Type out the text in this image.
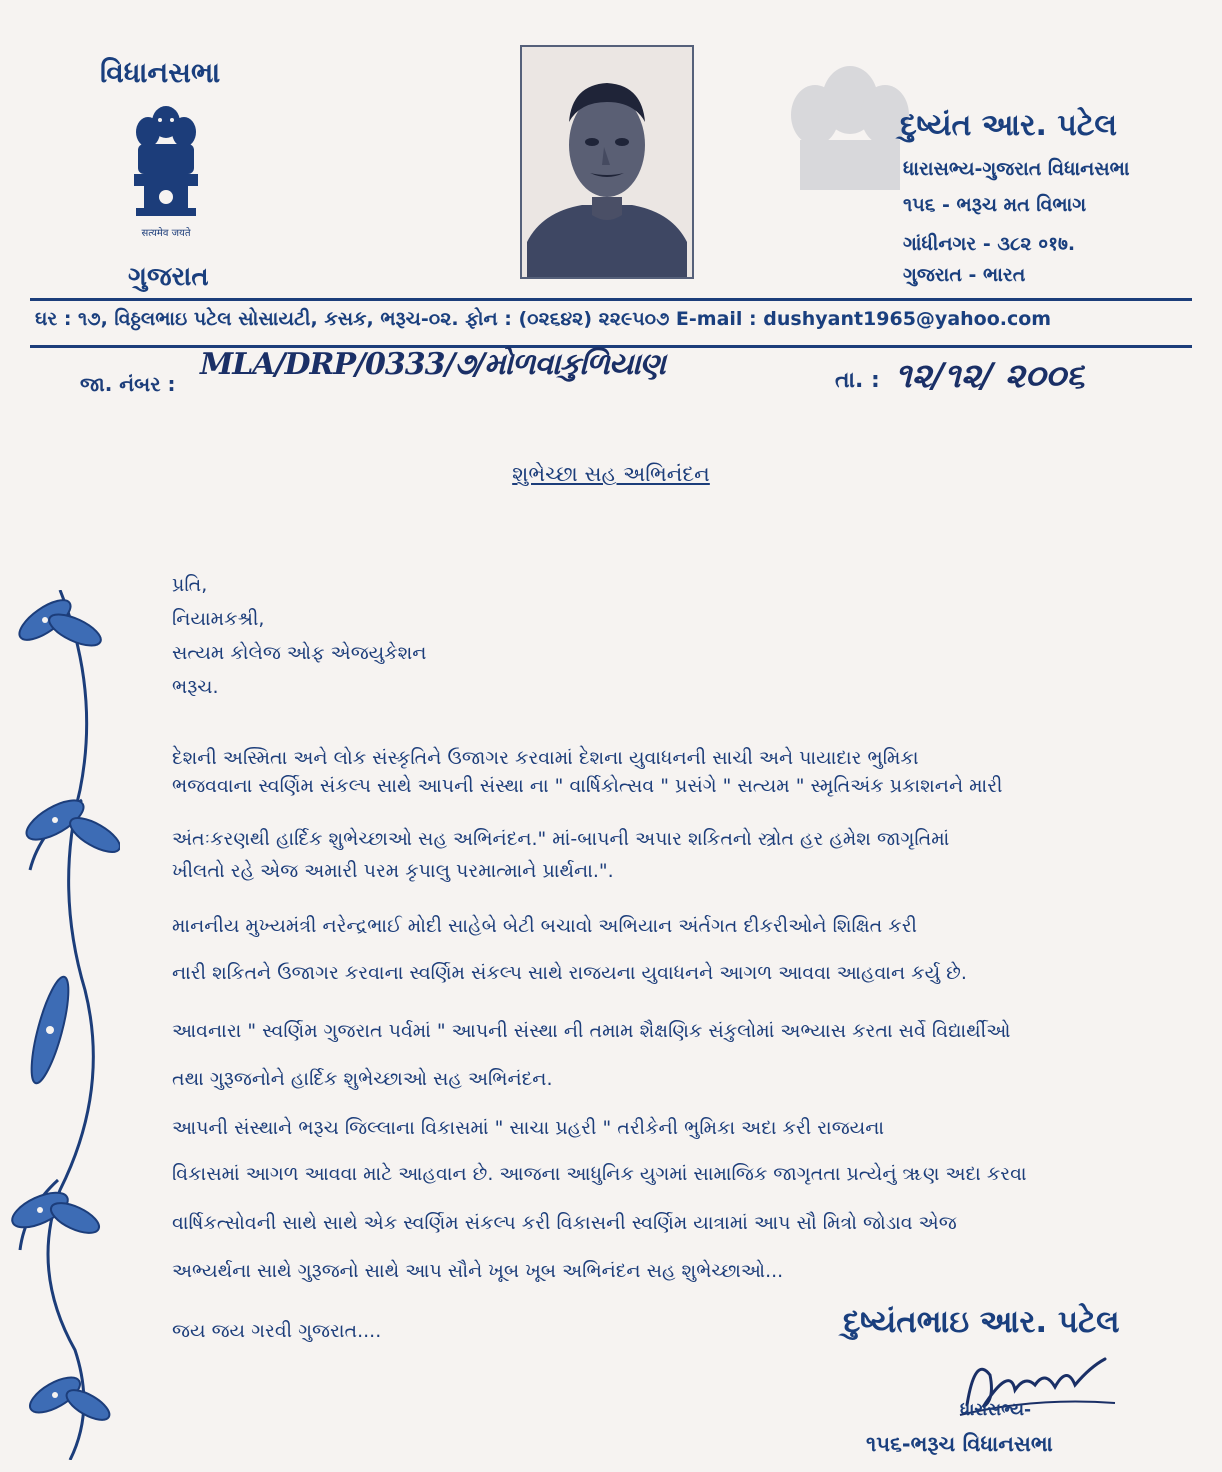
વિધાનસભા
सत्यमेव जयते
ગુજરાત
દુષ્યંત આર. પટેલ
ધારાસભ્ય-ગુજરાત વિધાનસભા
૧૫૬ - ભરૂચ મત વિભાગ
ગાંધીનગર - ૩૮૨ ०१७.
ગુજરાત - ભારત
ઘર : ૧૭, વિઠ્ઠલભાઇ પટેલ સોસાયટી, કસક, ભરૂચ-૦૨. ફોન : (૦૨૬૪૨) ૨૨૯૫૦૭ E-mail : dushyant1965@yahoo.com
જા. નંબર :
MLA/DRP/0333/૭/મોળવાકુળિયાણ	તા. : ૧૨/૧૨/ ૨૦૦૬
શુભેચ્છા સહ અભિનંદન
પ્રતિ,
નિયામકશ્રી,
સત્યમ કોલેજ ઓફ એજયુકેશન
ભરૂચ.
દેશની અસ્મિતા અને લોક સંસ્કૃતિને ઉજાગર કરવામાં દેશના યુવાધનની સાચી અને પાયાદાર ભુમિકા
ભજવવાના સ્વર્ણિમ સંકલ્પ સાથે આપની સંસ્થા ના " વાર્ષિકોત્સવ " પ્રસંગે " સત્યમ " સ્મૃતિઅંક પ્રકાશનને મારી
અંતઃકરણથી હાર્દિક શુભેચ્છાઓ સહ અભિનંદન." માં-બાપની અપાર શકિતનો સ્ત્રોત હર હમેશ જાગૃતિમાં
ખીલતો રહે એજ અમારી પરમ કૃપાલુ પરમાત્માને પ્રાર્થના.".
માનનીય મુખ્યમંત્રી નરેન્દ્રભાઈ મોદી સાહેબે બેટી બચાવો અભિયાન અંર્તગત દીકરીઓને શિક્ષિત કરી
નારી શકિતને ઉજાગર કરવાના સ્વર્ણિમ સંકલ્પ સાથે રાજયના યુવાધનને આગળ આવવા આહવાન કર્યુ છે.
આવનારા " સ્વર્ણિમ ગુજરાત પર્વમાં " આપની સંસ્થા ની તમામ શૈક્ષણિક સંકુલોમાં અભ્યાસ કરતા સર્વે વિદ્યાર્થીઓ
તથા ગુરૂજનોને હાર્દિક શુભેચ્છાઓ સહ અભિનંદન.
આપની સંસ્થાને ભરૂચ જિલ્લાના વિકાસમાં " સાચા પ્રહરી " તરીકેની ભુમિકા અદા કરી રાજયના
વિકાસમાં આગળ આવવા માટે આહવાન છે. આજના આધુનિક યુગમાં સામાજિક જાગૃતતા પ્રત્યેનું ૠણ અદા કરવા
વાર્ષિકત્સોવની સાથે સાથે એક સ્વર્ણિમ સંકલ્પ કરી વિકાસની સ્વર્ણિમ યાત્રામાં આપ સૌ મિત્રો જોડાવ એજ
અભ્યર્થના સાથે ગુરૂજનો સાથે આપ સૌને ખૂબ ખૂબ અભિનંદન સહ શુભેચ્છાઓ...
જય જય ગરવી ગુજરાત....	દુષ્યંતભાઇ આર. પટેલ
ધારાસભ્ય-
૧૫૬-ભરૂચ વિધાનસભા
